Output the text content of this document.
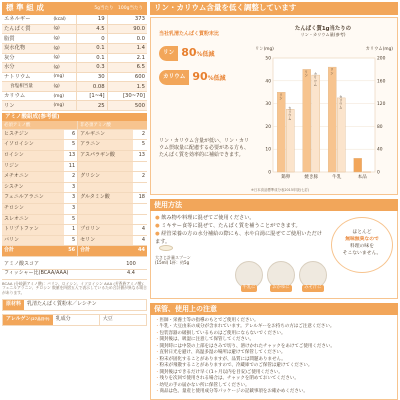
標 準 組 成	5g当たり　 100g当たり
エネルギー	(kcal)	19	373
たんぱく質	(g)	4.5	90.0
脂質	(g)	0	0.0
炭水化物	(g)	0.1	1.4
灰分	(g)	0.1	2.1
水分	(g)	0.3	6.5
ナトリウム	(mg)	30	600
食塩相当量	(g)	0.08	1.5
カリウム	(mg)	[1~4]	[30~70]
リン	(mg)	25	500
アミノ酸組成(参考値)
必須アミノ酸		非必須アミノ酸	
ヒスチジン	6	アルギニン	2
イソロイシン	5	アラニン	5
ロイシン	13	アスパラギン酸	13
リジン	11		
メチオニン	2	グリシン	2
シスチン	3		
フェニルアラニン	3	グルタミン酸	18
チロシン	3		
スレオニン	5		
トリプトファン	1	プロリン	4
バリン	5	セリン	4
合計	56	合計	44
アミノ酸スコア	100
フィッシャー比(BCAA/AAA)	4.4
BCAA (分岐鎖アミノ酸)：バリン、ロイシン、イソロイシン AAA (芳香族アミノ酸)：フェニルアラニン、チロシン 数値を四捨五入で表示しているため合計値が異なる場合があります。
原材料	乳清たんぱく質粉末／レシチン
アレルゲン(27品目中)	乳成分	大豆
リン・カリウム含量を低く調整しています
当社乳清たんぱく質粉末比
リン 80%低減
カリウム 90%低減
リン・カリウム含量が低い、リン・カリウム摂取量に配慮する必要がある方も、たんぱく質を効率的に補給できます。
たんぱく質1g当たりの
リン・カリウム量(参考)
リン(mg)	カリウム(mg)
50	200
40	160
30	120
20	80
10	40
0	0
リン
カリウム
鶏卵
リン	カリウム
焼き豚
リン
カリウム
牛乳	本品
※日本食品標準成分表2015年版(七訂)
使用方法
● 飲み物や料理に混ぜてご使用ください。
● ミキサー食等に混ぜて、たんぱく質を補うことができます。
● 経管栄養の方の水分補給の際にも、水や白湯に混ぜてご使用いただけます。
大さじ計量スプーン (15ml) 1杯：約5g
牛乳に	おかゆに	みそ汁に
ほとんど
無味無臭なので
料理の味を
そこないません。
保管、使用上の注意
・ 医師・栄養士等の指導のもとでご使用ください。
・ 牛乳・大豆由来の成分が含まれています。アレルギーをお持ちの方はご注意ください。
・ 包装容器の破損しているものはご使用にならないでください。
・ 開封後は、吸湿に注意して保管してください。
・ 開封時には中袋の上部をはさみで切り、溶けかれたチャックをあけてご使用ください。
・ 直射日光を避け、高温多湿の場所は避けて保管してください。
・ 粉末が固化することがありますが、品質には問題ありません。
・ 粉末が飛散することがありますので、冷蔵庫でのご保管は避けてください。
・ 開封後はできるだけ早く(1ヶ月以内を目安)ご使用ください。
・ 残りを次回で使用される場合は、チャックを閉めておいてください。
・ 幼児の手の届かない所に保管してください。
・ 商品は色、量産と使用成分等パッケージの記載事項をお確かめください。
